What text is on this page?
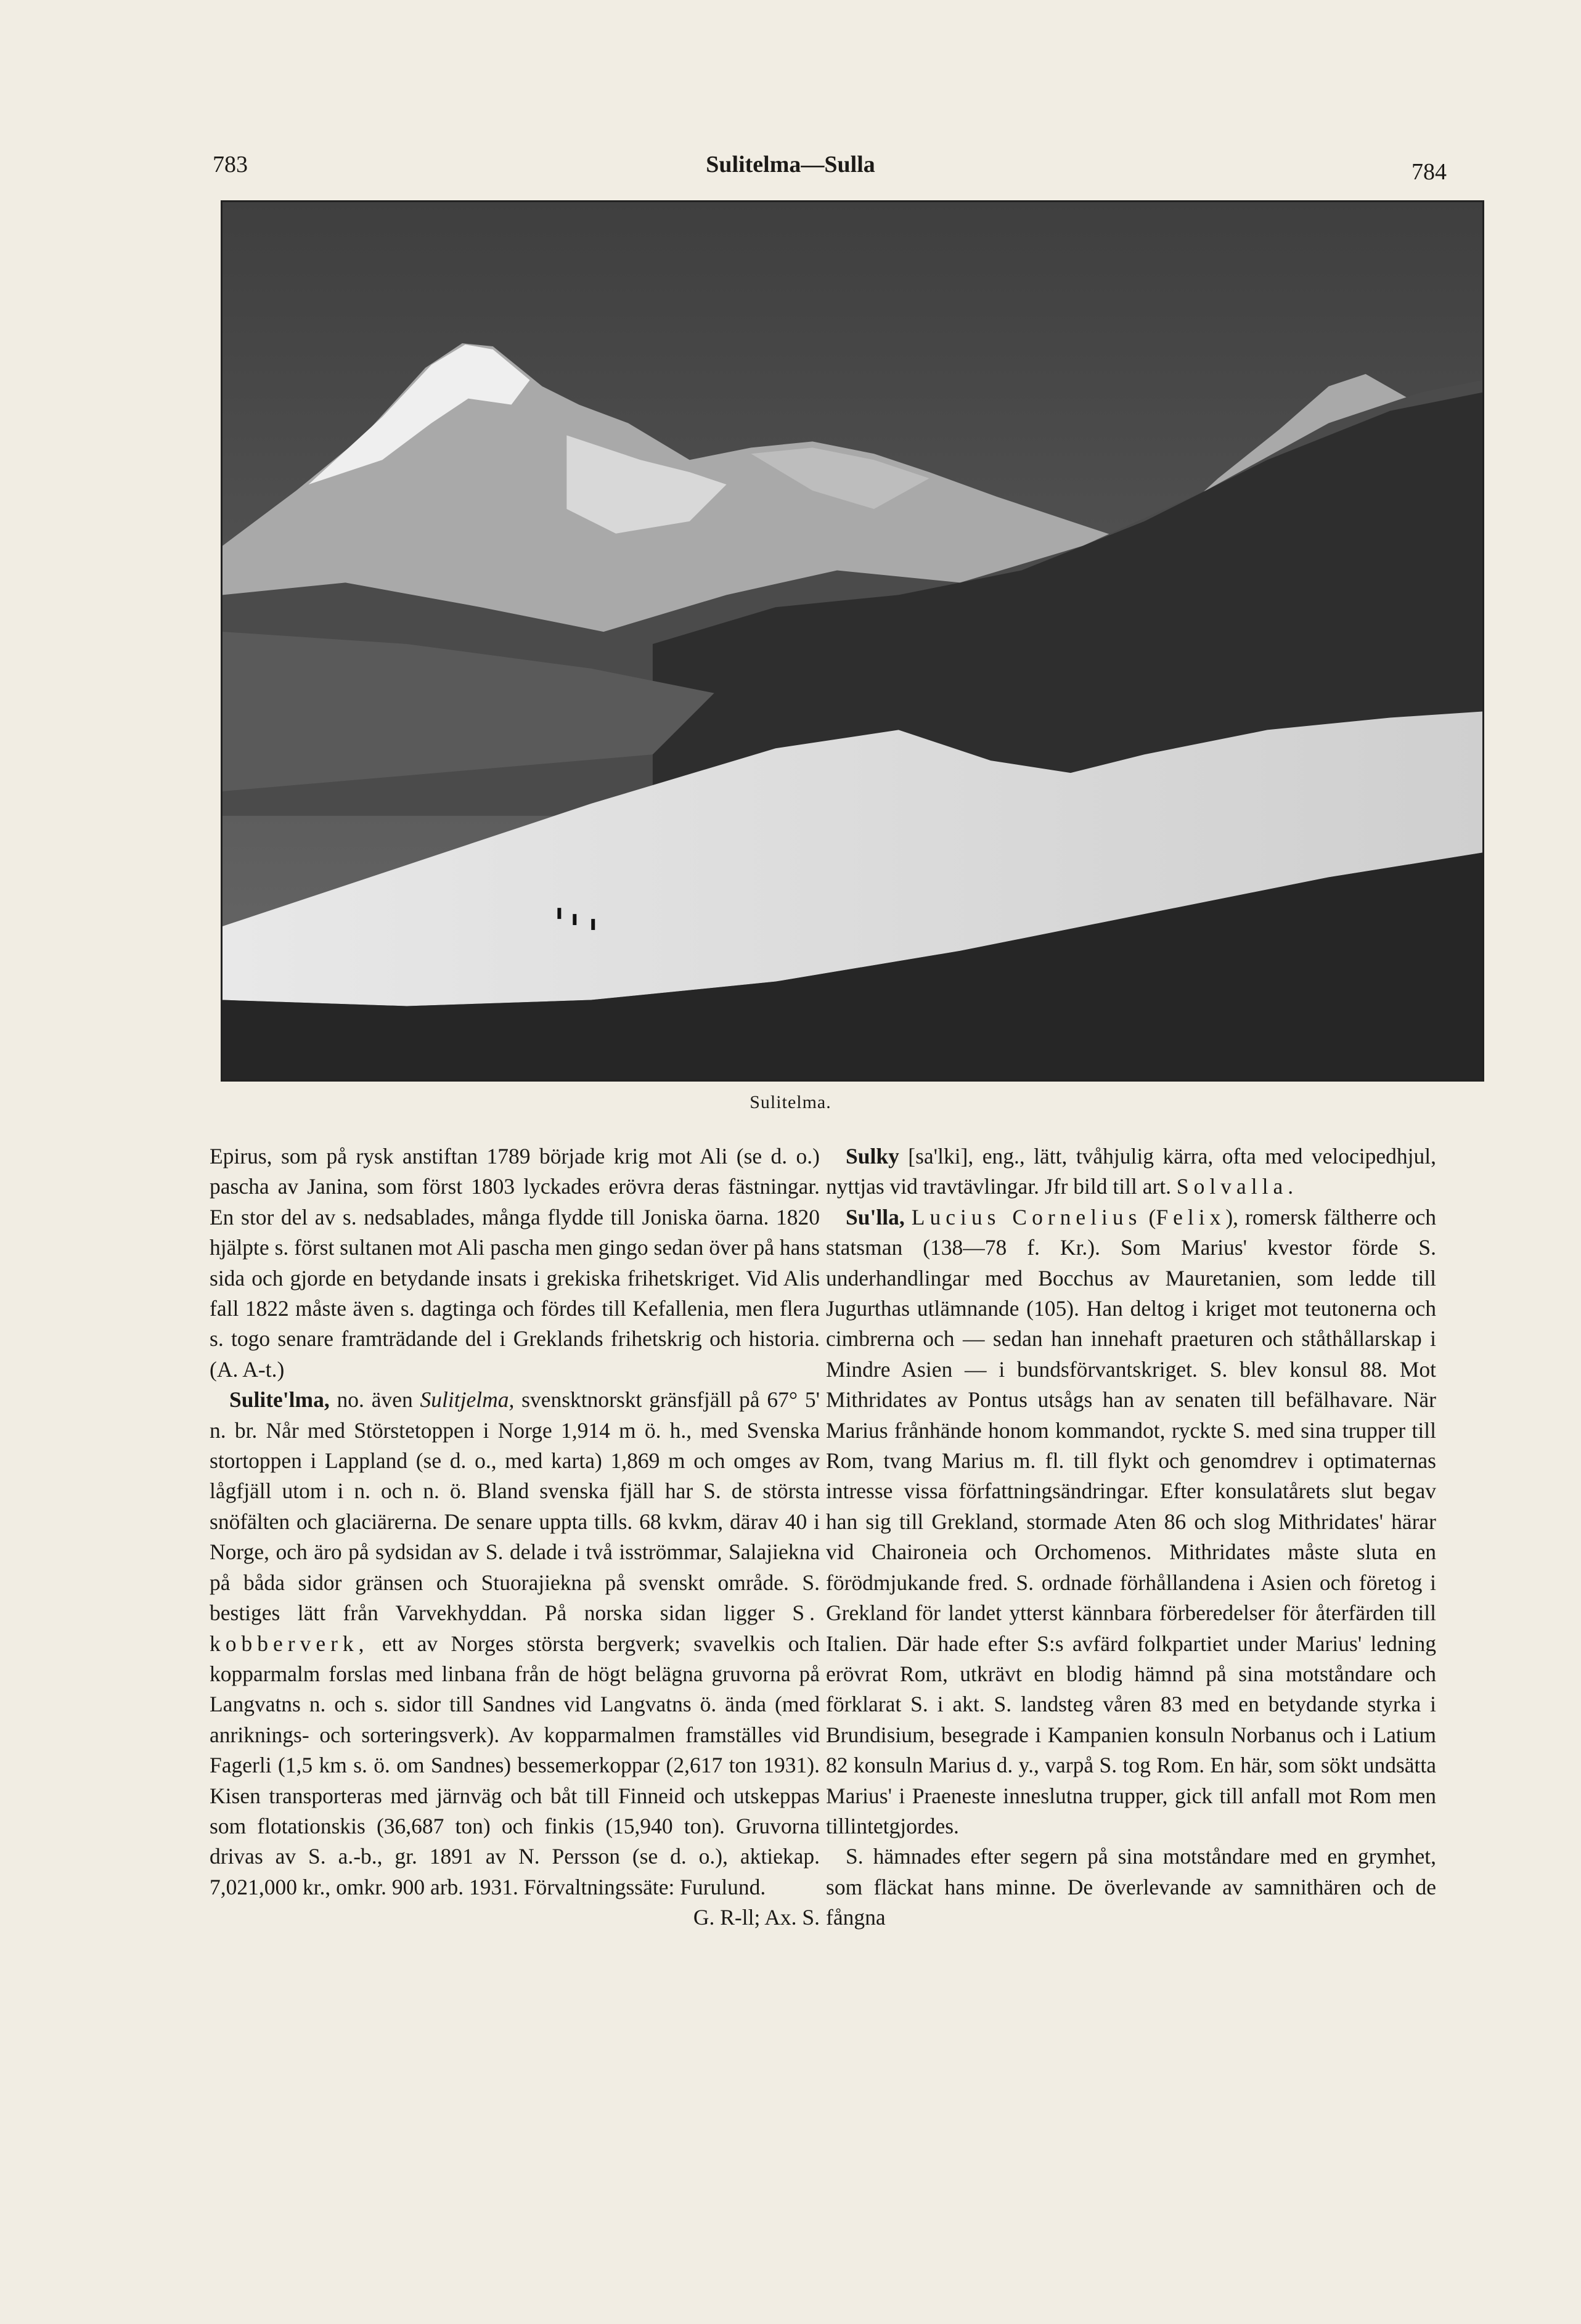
783	Sulitelma—Sulla	784
Sulitelma.

Epirus, som på rysk anstiftan 1789 började krig mot Ali (se d. o.) pascha av Janina, som först 1803 lyckades erövra deras fästningar. En stor del av s. nedsablades, många flydde till Joniska öarna. 1820 hjälpte s. först sultanen mot Ali pascha men gingo sedan över på hans sida och gjorde en betydande insats i grekiska frihetskriget. Vid Alis fall 1822 måste även s. dagtinga och fördes till Kefallenia, men flera s. togo senare framträdande del i Greklands frihetskrig och historia. (A. A-t.)

Sulite'lma, no. även Sulitjelma, svensktnorskt gränsfjäll på 67° 5' n. br. Når med Störstetoppen i Norge 1,914 m ö. h., med Svenska stortoppen i Lappland (se d. o., med karta) 1,869 m och omges av lågfjäll utom i n. och n. ö. Bland svenska fjäll har S. de största snöfälten och glaciärerna. De senare uppta tills. 68 kvkm, därav 40 i Norge, och äro på sydsidan av S. delade i två isströmmar, Salajiekna på båda sidor gränsen och Stuorajiekna på svenskt område. S. bestiges lätt från Varvekhyddan. På norska sidan ligger S. kobberverk, ett av Norges största bergverk; svavelkis och kopparmalm forslas med linbana från de högt belägna gruvorna på Langvatns n. och s. sidor till Sandnes vid Langvatns ö. ända (med anriknings- och sorteringsverk). Av kopparmalmen framställes vid Fagerli (1,5 km s. ö. om Sandnes) bessemerkoppar (2,617 ton 1931). Kisen transporteras med järnväg och båt till Finneid och utskeppas som flotationskis (36,687 ton) och finkis (15,940 ton). Gruvorna drivas av S. a.-b., gr. 1891 av N. Persson (se d. o.), aktiekap. 7,021,000 kr., omkr. 900 arb. 1931. Förvaltningssäte: Furulund.
G. R-ll; Ax. S.

Sulky [sa'lki], eng., lätt, tvåhjulig kärra, ofta med velocipedhjul, nyttjas vid travtävlingar. Jfr bild till art. Solvalla.

Su'lla, Lucius Cornelius (Felix), romersk fältherre och statsman (138—78 f. Kr.). Som Marius' kvestor förde S. underhandlingar med Bocchus av Mauretanien, som ledde till Jugurthas utlämnande (105). Han deltog i kriget mot teutonerna och cimbrerna och — sedan han innehaft praeturen och ståthållarskap i Mindre Asien — i bundsförvantskriget. S. blev konsul 88. Mot Mithridates av Pontus utsågs han av senaten till befälhavare. När Marius frånhände honom kommandot, ryckte S. med sina trupper till Rom, tvang Marius m. fl. till flykt och genomdrev i optimaternas intresse vissa författningsändringar. Efter konsulatårets slut begav han sig till Grekland, stormade Aten 86 och slog Mithridates' härar vid Chaironeia och Orchomenos. Mithridates måste sluta en förödmjukande fred. S. ordnade förhållandena i Asien och företog i Grekland för landet ytterst kännbara förberedelser för återfärden till Italien. Där hade efter S:s avfärd folkpartiet under Marius' ledning erövrat Rom, utkrävt en blodig hämnd på sina motståndare och förklarat S. i akt. S. landsteg våren 83 med en betydande styrka i Brundisium, besegrade i Kampanien konsuln Norbanus och i Latium 82 konsuln Marius d. y., varpå S. tog Rom. En här, som sökt undsätta Marius' i Praeneste inneslutna trupper, gick till anfall mot Rom men tillintetgjordes.

S. hämnades efter segern på sina motståndare med en grymhet, som fläckat hans minne. De överlevande av samnithären och de fångna
